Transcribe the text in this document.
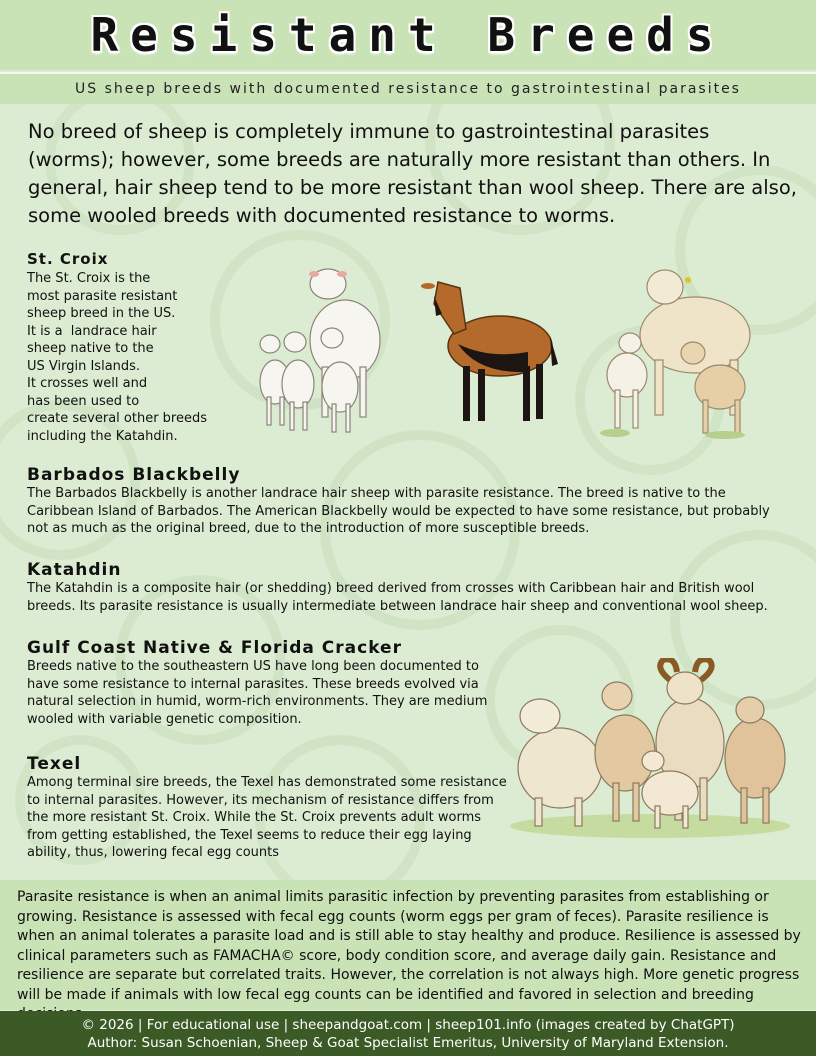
Resistant Breeds
US sheep breeds with documented resistance to gastrointestinal parasites
No breed of sheep is completely immune to gastrointestinal parasites (worms); however, some breeds are naturally more resistant than others. In general, hair sheep tend to be more resistant than wool sheep. There are also, some wooled breeds with documented resistance to worms.
St. Croix
The St. Croix is the
most parasite resistant
sheep breed in the US.
It is a  landrace hair
sheep native to the
US Virgin Islands.
It crosses well and
has been used to
create several other breeds
including the Katahdin.
Barbados Blackbelly
The Barbados Blackbelly is another landrace hair sheep with parasite resistance. The breed is native to the Caribbean Island of Barbados. The American Blackbelly would be expected to have some resistance, but probably not as much as the original breed, due to the introduction of more susceptible breeds.
Katahdin
The Katahdin is a composite hair (or shedding) breed derived from crosses with Caribbean hair and British wool breeds. Its parasite resistance is usually intermediate between landrace hair sheep and conventional wool sheep.
Gulf Coast Native & Florida Cracker
Breeds native to the southeastern US have long been documented to have some resistance to internal parasites. These breeds evolved via natural selection in humid, worm-rich environments. They are medium wooled with variable genetic composition.
Texel
Among terminal sire breeds, the Texel has demonstrated some resistance to internal parasites. However, its mechanism of resistance differs from the more resistant St. Croix. While the St. Croix prevents adult worms from getting established, the Texel seems to reduce their egg laying ability, thus, lowering fecal egg counts
Parasite resistance is when an animal limits parasitic infection by preventing parasites from establishing or growing. Resistance is assessed with fecal egg counts (worm eggs per gram of feces). Parasite resilience is when an animal tolerates a parasite load and is still able to stay healthy and produce. Resilience is assessed by clinical parameters such as FAMACHA© score, body condition score, and average daily gain. Resistance and resilience are separate but correlated traits. However, the correlation is not always high. More genetic progress will be made if animals with low fecal egg counts can be identified and favored in selection and breeding
© 2026 | For educational use | sheepandgoat.com | sheep101.info (images created by ChatGPT)
Author: Susan Schoenian, Sheep & Goat Specialist Emeritus, University of Maryland Extension.
